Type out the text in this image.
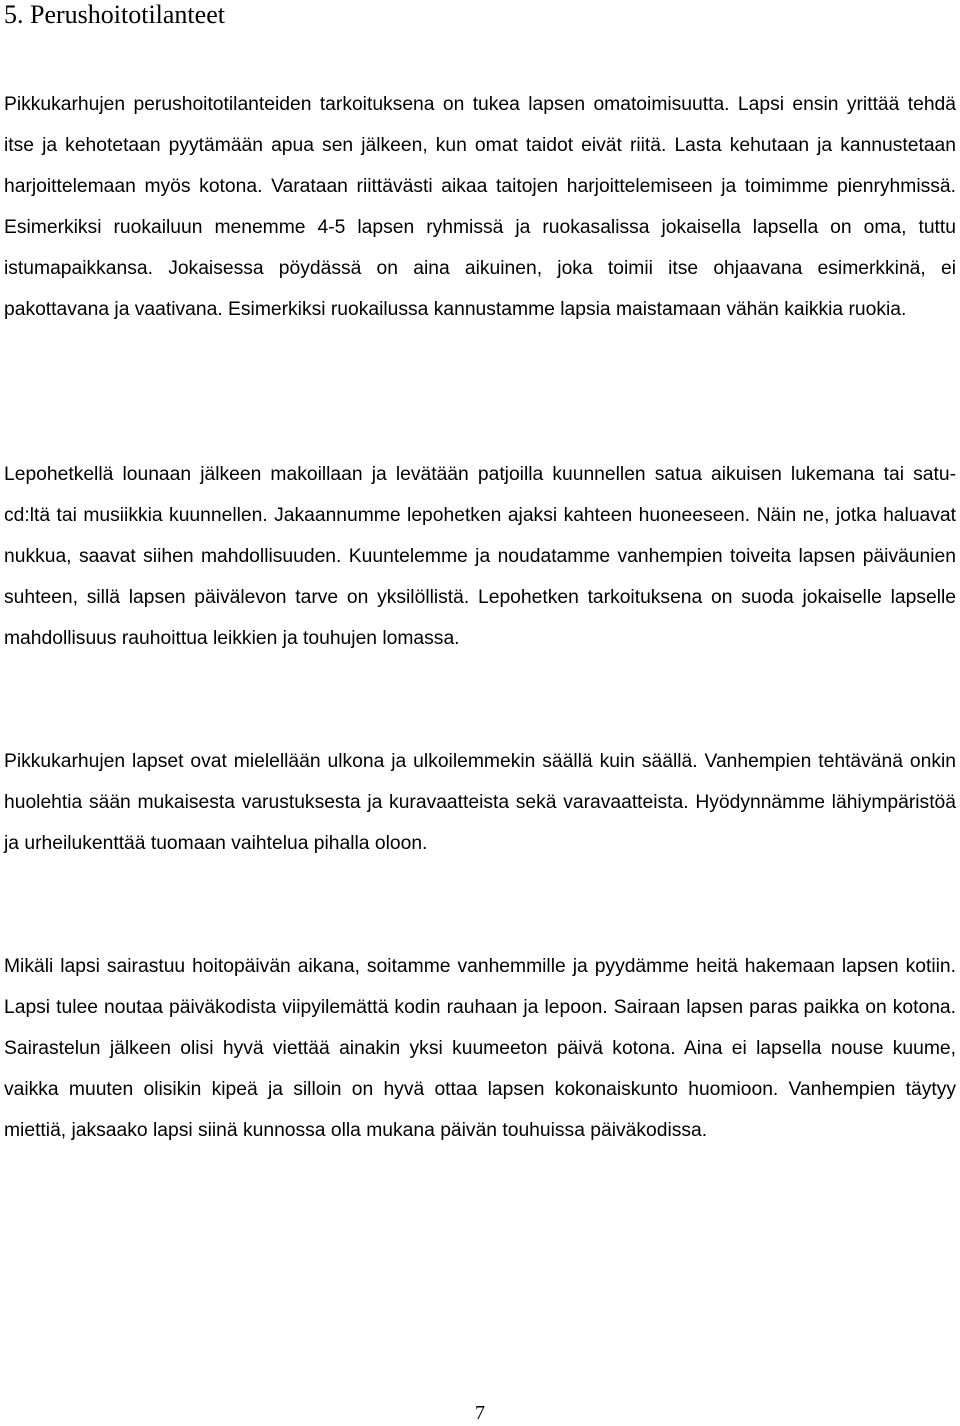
5. Perushoitotilanteet

Pikkukarhujen perushoitotilanteiden tarkoituksena on tukea lapsen omatoimisuutta. Lapsi ensin yrittää tehdä itse ja kehotetaan pyytämään apua sen jälkeen, kun omat taidot eivät riitä. Lasta kehutaan ja kannustetaan harjoittelemaan myös kotona. Varataan riittävästi aikaa taitojen harjoittelemiseen ja toimimme pienryhmissä. Esimerkiksi ruokailuun menemme 4-5 lapsen ryhmissä ja ruokasalissa jokaisella lapsella on oma, tuttu istumapaikkansa. Jokaisessa pöydässä on aina aikuinen, joka toimii itse ohjaavana esimerkkinä, ei pakottavana ja vaativana. Esimerkiksi ruokailussa kannustamme lapsia maistamaan vähän kaikkia ruokia.

Lepohetkellä lounaan jälkeen makoillaan ja levätään patjoilla kuunnellen satua aikuisen lukemana tai satu-cd:ltä tai musiikkia kuunnellen. Jakaannumme lepohetken ajaksi kahteen huoneeseen. Näin ne, jotka haluavat nukkua, saavat siihen mahdollisuuden. Kuuntelemme ja noudatamme vanhempien toiveita lapsen päiväunien suhteen, sillä lapsen päivälevon tarve on yksilöllistä. Lepohetken tarkoituksena on suoda jokaiselle lapselle mahdollisuus rauhoittua leikkien ja touhujen lomassa.

Pikkukarhujen lapset ovat mielellään ulkona ja ulkoilemmekin säällä kuin säällä. Vanhempien tehtävänä onkin huolehtia sään mukaisesta varustuksesta ja kuravaatteista sekä varavaatteista. Hyödynnämme lähiympäristöä ja urheilukenttää tuomaan vaihtelua pihalla oloon.

Mikäli lapsi sairastuu hoitopäivän aikana, soitamme vanhemmille ja pyydämme heitä hakemaan lapsen kotiin. Lapsi tulee noutaa päiväkodista viipyilemättä kodin rauhaan ja lepoon. Sairaan lapsen paras paikka on kotona. Sairastelun jälkeen olisi hyvä viettää ainakin yksi kuumeeton päivä kotona. Aina ei lapsella nouse kuume, vaikka muuten olisikin kipeä ja silloin on hyvä ottaa lapsen kokonaiskunto huomioon. Vanhempien täytyy miettiä, jaksaako lapsi siinä kunnossa olla mukana päivän touhuissa päiväkodissa.

7
